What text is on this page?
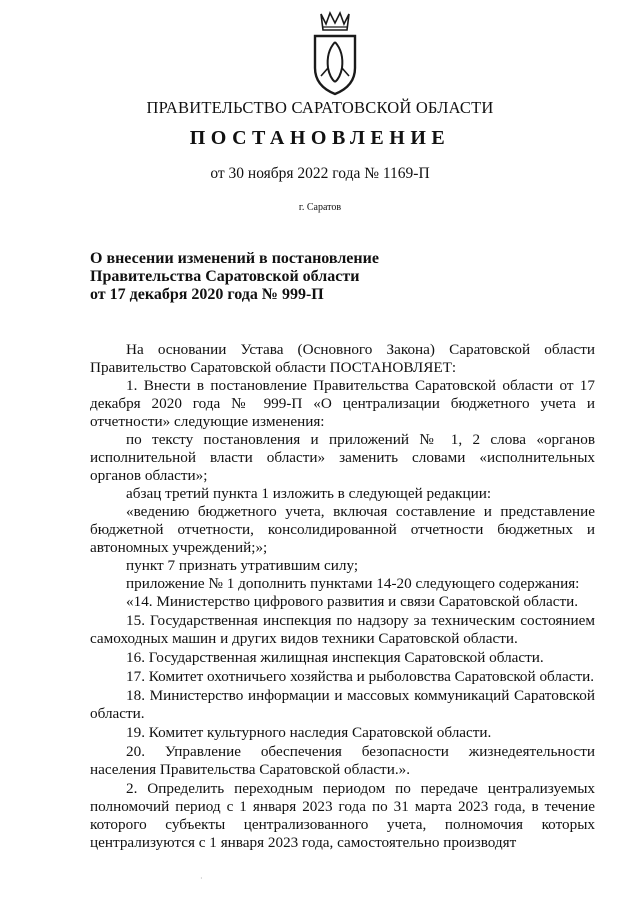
ПРАВИТЕЛЬСТВО САРАТОВСКОЙ ОБЛАСТИ
ПОСТАНОВЛЕНИЕ
от 30 ноября 2022 года № 1169-П
г. Саратов
О внесении изменений в постановление
Правительства Саратовской области
от 17 декабря 2020 года № 999-П

На основании Устава (Основного Закона) Саратовской области Правительство Саратовской области ПОСТАНОВЛЯЕТ:

1. Внести в постановление Правительства Саратовской области от 17 декабря 2020 года № 999-П «О централизации бюджетного учета и отчетности» следующие изменения:

по тексту постановления и приложений № 1, 2 слова «органов исполнительной власти области» заменить словами «исполнительных органов области»;

абзац третий пункта 1 изложить в следующей редакции:

«ведению бюджетного учета, включая составление и представление бюджетной отчетности, консолидированной отчетности бюджетных и автономных учреждений;»;

пункт 7 признать утратившим силу;

приложение № 1 дополнить пунктами 14-20 следующего содержания:

«14. Министерство цифрового развития и связи Саратовской области.

15. Государственная инспекция по надзору за техническим состоянием самоходных машин и других видов техники Саратовской области.

16. Государственная жилищная инспекция Саратовской области.

17. Комитет охотничьего хозяйства и рыболовства Саратовской области.

18. Министерство информации и массовых коммуникаций Саратовской области.

19. Комитет культурного наследия Саратовской области.

20. Управление обеспечения безопасности жизнедеятельности населения Правительства Саратовской области.».

2. Определить переходным периодом по передаче централизуемых полномочий период с 1 января 2023 года по 31 марта 2023 года, в течение которого субъекты централизованного учета, полномочия которых централизуются с 1 января 2023 года, самостоятельно производят

·
